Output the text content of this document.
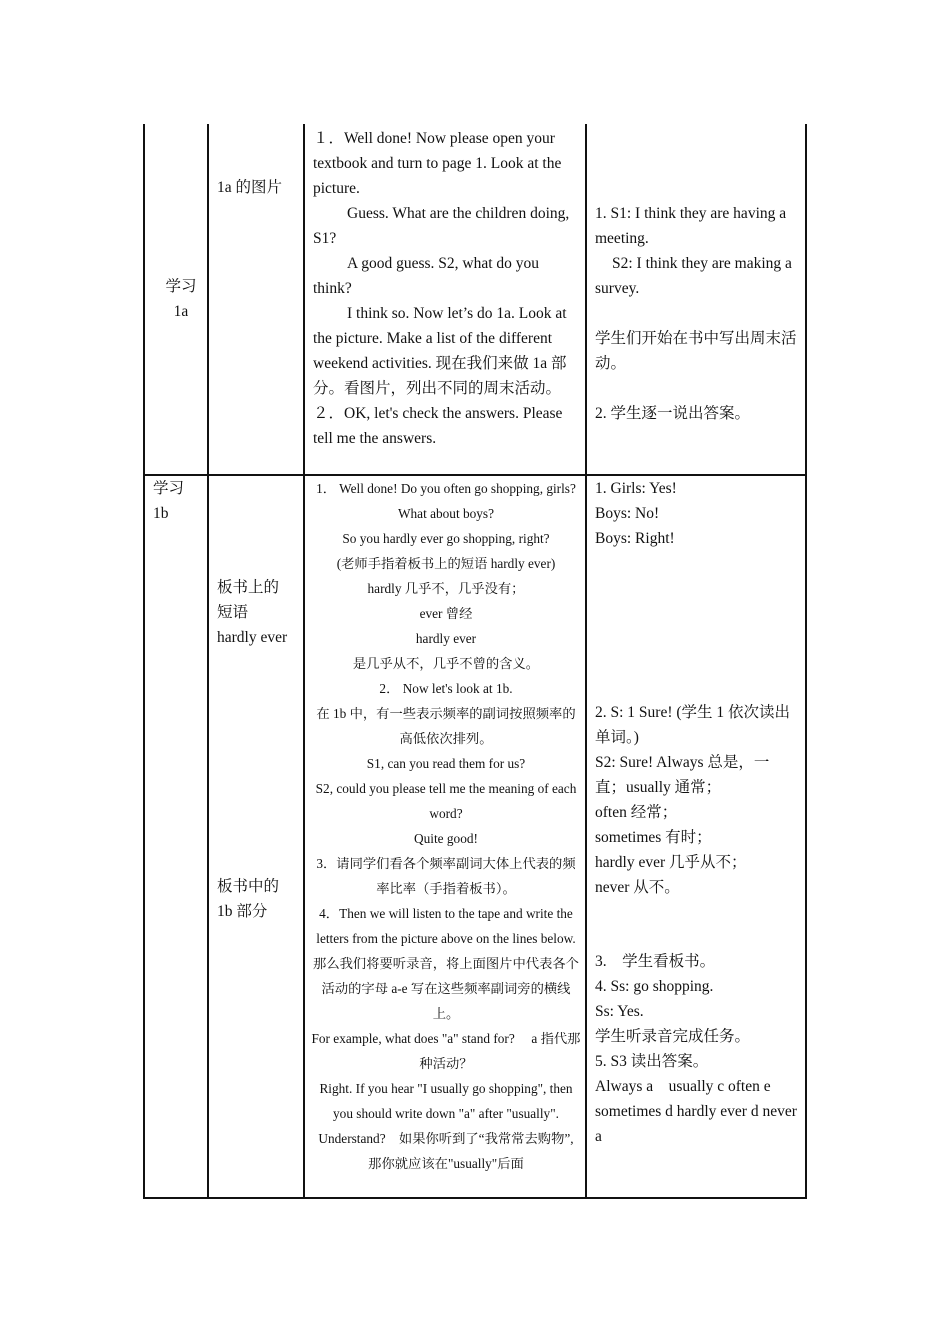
学习
1a
1a 的图片
１．Well done! Now please open your textbook and turn to page 1. Look at the picture.
Guess. What are the children doing, S1?
A good guess. S2, what do you think?
I think so. Now let’s do 1a. Look at the picture. Make a list of the different weekend activities. 现在我们来做 1a 部分。看图片，列出不同的周末活动。
２．OK, let's check the answers. Please tell me the answers.
1. S1: I think they are having a meeting.
S2: I think they are making a survey.
学生们开始在书中写出周末活动。
2. 学生逐一说出答案。
学习
1b
板书上的
短语
hardly ever
板书中的
1b 部分
1． Well done! Do you often go shopping, girls?
What about boys?
So you hardly ever go shopping, right?
(老师手指着板书上的短语 hardly ever)
hardly 几乎不，几乎没有；
ever 曾经
hardly ever
是几乎从不，几乎不曾的含义。
2． Now let's look at 1b.
在 1b 中，有一些表示频率的副词按照频率的高低依次排列。
S1, can you read them for us?
S2, could you please tell me the meaning of each word?
Quite good!
3．请同学们看各个频率副词大体上代表的频率比率（手指着板书）。
4．Then we will listen to the tape and write the letters from the picture above on the lines below. 那么我们将要听录音，将上面图片中代表各个活动的字母 a-e 写在这些频率副词旁的横线上。
For example, what does "a" stand for?　 a 指代那种活动？
Right. If you hear "I usually go shopping", then you should write down "a" after "usually". Understand?　如果你听到了“我常常去购物”, 那你就应该在"usually"后面
1. Girls: Yes!
Boys: No!
Boys: Right!
2. S: 1 Sure! (学生 1 依次读出单词。)
S2: Sure! Always 总是，一直；usually 通常；
often 经常；
sometimes 有时；
hardly ever 几乎从不；
never 从不。
3.　学生看板书。
4. Ss: go shopping.
Ss: Yes.
学生听录音完成任务。
5. S3 读出答案。
Always a　usually c often e sometimes d hardly ever d never a
